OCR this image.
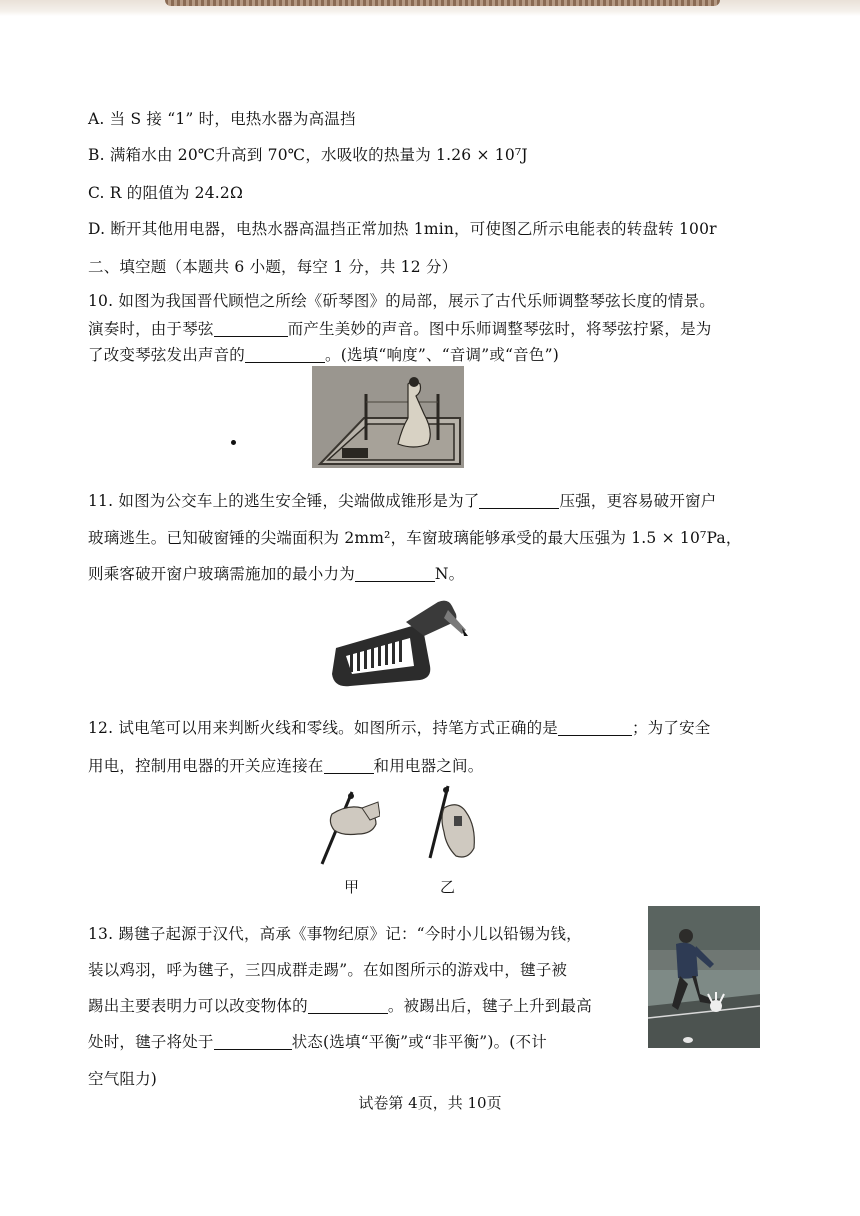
A. 当 S 接 “1” 时，电热水器为高温挡
B. 满箱水由 20℃升高到 70℃，水吸收的热量为 1.26 × 10⁷J
C. R 的阻值为 24.2Ω
D. 断开其他用电器，电热水器高温挡正常加热 1min，可使图乙所示电能表的转盘转 100r
二、填空题（本题共 6 小题，每空 1 分，共 12 分）
10. 如图为我国晋代顾恺之所绘《斫琴图》的局部，展示了古代乐师调整琴弦长度的情景。
演奏时，由于琴弦	而产生美妙的声音。图中乐师调整琴弦时，将琴弦拧紧，是为
了改变琴弦发出声音的	。(选填“响度”、“音调”或“音色”)
11. 如图为公交车上的逃生安全锤，尖端做成锥形是为了	压强，更容易破开窗户
玻璃逃生。已知破窗锤的尖端面积为 2mm²，车窗玻璃能够承受的最大压强为 1.5 × 10⁷Pa，
则乘客破开窗户玻璃需施加的最小力为	N。
12. 试电笔可以用来判断火线和零线。如图所示，持笔方式正确的是	；为了安全
用电，控制用电器的开关应连接在	和用电器之间。
甲	乙
13. 踢毽子起源于汉代，高承《事物纪原》记：“今时小儿以铅锡为钱，
装以鸡羽，呼为毽子，三四成群走踢”。在如图所示的游戏中，毽子被
踢出主要表明力可以改变物体的	。被踢出后，毽子上升到最高
处时，毽子将处于	状态(选填“平衡”或“非平衡”)。(不计
空气阻力)
试卷第 4页，共 10页
